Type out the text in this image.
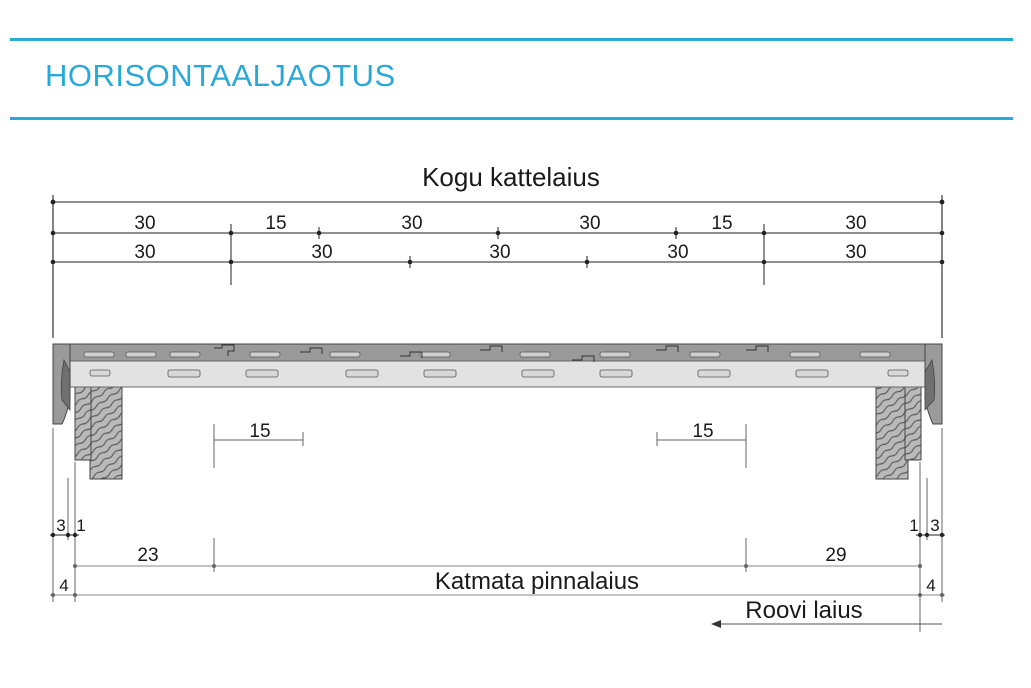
HORISONTAALJAOTUS
Kogu kattelaius
30	15	30	30	15	30
30	30	30	30	30
15	15
3 1	1 3
23	29
4	4
Katmata pinnalaius
Roovi laius
